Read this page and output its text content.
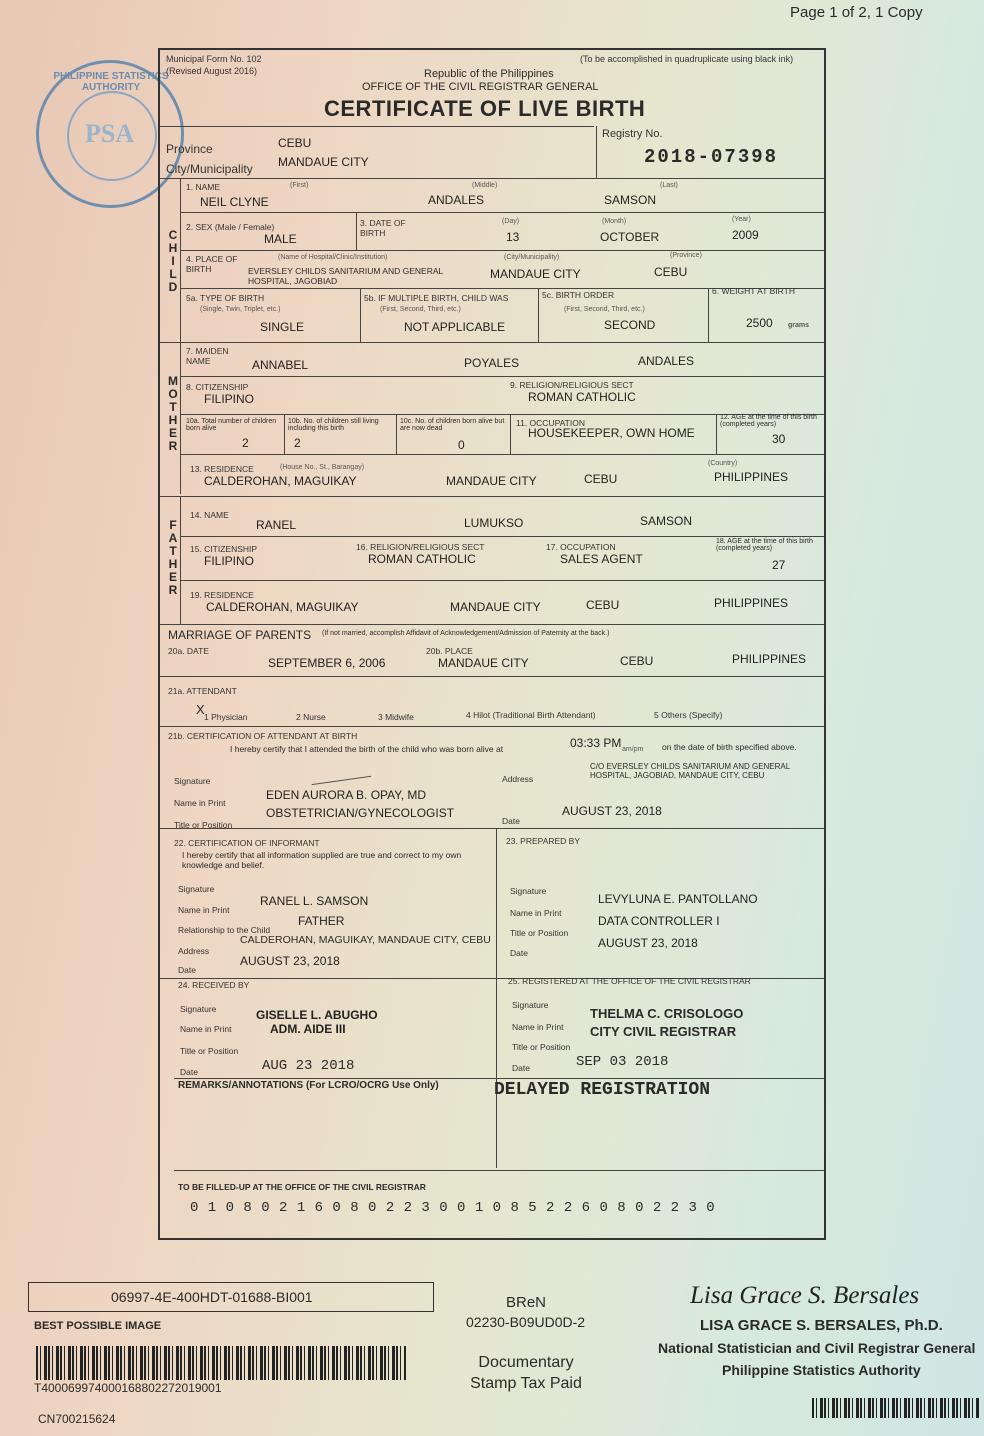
Page 1 of 2, 1 Copy
PSA
PHILIPPINE STATISTICS AUTHORITY
Municipal Form No. 102
(Revised August 2016)
(To be accomplished in quadruplicate using black ink)
Republic of the Philippines
OFFICE OF THE CIVIL REGISTRAR GENERAL
CERTIFICATE OF LIVE BIRTH
Province	CEBU
City/Municipality MANDAUE CITY
Registry No.
2018-07398
CHILD
1. NAME	(First)	(Middle)	(Last)
NEIL CLYNE	ANDALES	SAMSON
2. SEX (Male / Female)
MALE
3. DATE OF BIRTH
(Day)	(Month)	(Year)
13	OCTOBER	2009
4. PLACE OF BIRTH
(Name of Hospital/Clinic/Institution)
EVERSLEY CHILDS SANITARIUM AND GENERAL HOSPITAL, JAGOBIAD
(City/Municipality)
MANDAUE CITY
(Province)
CEBU
5a. TYPE OF BIRTH
(Single, Twin, Triplet, etc.)
SINGLE
5b. IF MULTIPLE BIRTH, CHILD WAS
(First, Second, Third, etc.)
NOT APPLICABLE
5c. BIRTH ORDER
(First, Second, Third, etc.)
SECOND
6. WEIGHT AT BIRTH
2500 grams
MOTHER
7. MAIDEN NAME	ANNABEL	POYALES	ANDALES
8. CITIZENSHIP
FILIPINO
9. RELIGION/RELIGIOUS SECT
ROMAN CATHOLIC
10a. Total number of children born alive
2
10b. No. of children still living including this birth
2
10c. No. of children born alive but are now dead
0
11. OCCUPATION
HOUSEKEEPER, OWN HOME
12. AGE at the time of this birth (completed years)
30
13. RESIDENCE	(House No., St., Barangay)
CALDEROHAN, MAGUIKAY	MANDAUE CITY	CEBU
(Country)
PHILIPPINES
FATHER
14. NAME
RANEL	LUMUKSO	SAMSON
15. CITIZENSHIP
FILIPINO
16. RELIGION/RELIGIOUS SECT
ROMAN CATHOLIC
17. OCCUPATION
SALES AGENT
18. AGE at the time of this birth (completed years)
27
19. RESIDENCE
CALDEROHAN, MAGUIKAY	MANDAUE CITY	CEBU	PHILIPPINES
MARRIAGE OF PARENTS (If not married, accomplish Affidavit of Acknowledgement/Admission of Paternity at the back.)
20a. DATE
SEPTEMBER 6, 2006
20b. PLACE
MANDAUE CITY	CEBU	PHILIPPINES
21a. ATTENDANT
X 1 Physician	2 Nurse	3 Midwife	4 Hilot (Traditional Birth Attendant)	5 Others (Specify)
21b. CERTIFICATION OF ATTENDANT AT BIRTH
I hereby certify that I attended the birth of the child who was born alive at	03:33 PM am/pm on the date of birth specified above.
Signature
Name in Print
EDEN AURORA B. OPAY, MD
Title or Position
OBSTETRICIAN/GYNECOLOGIST
Address
C/O EVERSLEY CHILDS SANITARIUM AND GENERAL HOSPITAL, JAGOBIAD, MANDAUE CITY, CEBU
Date
AUGUST 23, 2018
22. CERTIFICATION OF INFORMANT
I hereby certify that all information supplied are true and correct to my own knowledge and belief.
Signature
Name in Print
RANEL L. SAMSON
Relationship to the Child
FATHER
CALDEROHAN, MAGUIKAY, MANDAUE CITY, CEBU
Address
Date
AUGUST 23, 2018
23. PREPARED BY
Signature
Name in Print
LEVYLUNA E. PANTOLLANO
Title or Position
DATA CONTROLLER I
Date
AUGUST 23, 2018
24. RECEIVED BY
Signature
Name in Print
GISELLE L. ABUGHO
ADM. AIDE III
Title or Position
Date	AUG 23 2018
25. REGISTERED AT THE OFFICE OF THE CIVIL REGISTRAR
Signature
Name in Print
THELMA C. CRISOLOGO
CITY CIVIL REGISTRAR
Title or Position
Date	SEP 03 2018
REMARKS/ANNOTATIONS (For LCRO/OCRG Use Only)	DELAYED REGISTRATION
TO BE FILLED-UP AT THE OFFICE OF THE CIVIL REGISTRAR
0 1 0 8 0 2 1 6 0 8 0 2 2 3 0 0 1 0 8 5 2 2 6 0 8 0 2 2 3 0
06997-4E-400HDT-01688-BI001
BEST POSSIBLE IMAGE
T400069974000168802272019001
CN700215624
BReN
02230-B09UD0D-2
Documentary Stamp Tax Paid
Lisa Grace S. Bersales
LISA GRACE S. BERSALES, Ph.D.
National Statistician and Civil Registrar General
Philippine Statistics Authority
